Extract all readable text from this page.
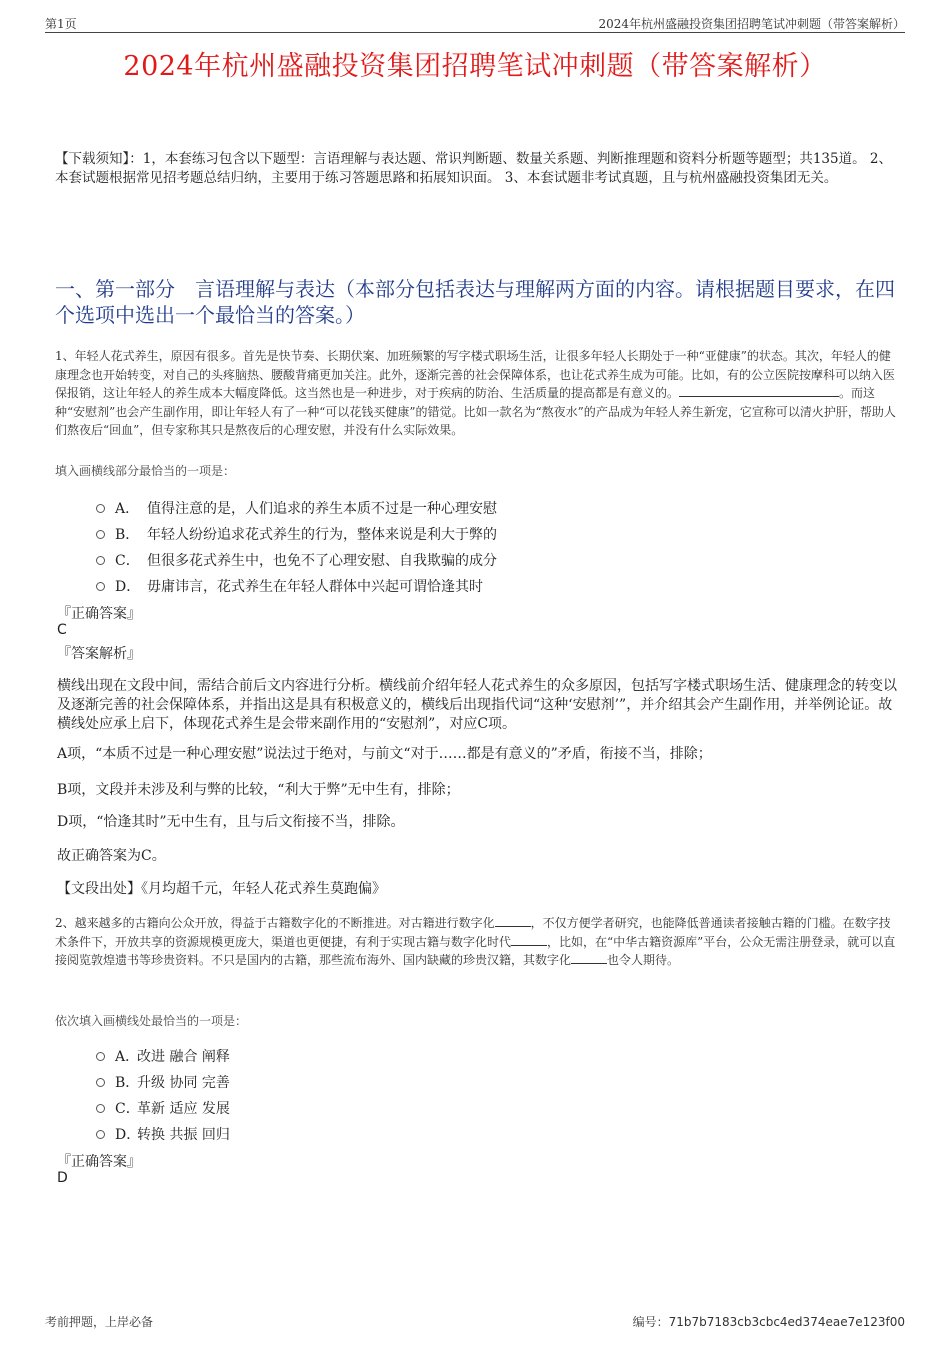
第1页	2024年杭州盛融投资集团招聘笔试冲刺题（带答案解析）
2024年杭州盛融投资集团招聘笔试冲刺题（带答案解析）
【下载须知】：1，本套练习包含以下题型：言语理解与表达题、常识判断题、数量关系题、判断推理题和资料分析题等题型；共135道。 2、本套试题根据常见招考题总结归纳，主要用于练习答题思路和拓展知识面。 3、本套试题非考试真题，且与杭州盛融投资集团无关。
一、第一部分　言语理解与表达（本部分包括表达与理解两方面的内容。请根据题目要求，在四个选项中选出一个最恰当的答案。）
1、年轻人花式养生，原因有很多。首先是快节奏、长期伏案、加班频繁的写字楼式职场生活，让很多年轻人长期处于一种“亚健康”的状态。其次，年轻人的健康理念也开始转变，对自己的头疼脑热、腰酸背痛更加关注。此外，逐渐完善的社会保障体系，也让花式养生成为可能。比如，有的公立医院按摩科可以纳入医保报销，这让年轻人的养生成本大幅度降低。这当然也是一种进步，对于疾病的防治、生活质量的提高都是有意义的。	。而这种“安慰剂”也会产生副作用，即让年轻人有了一种“可以花钱买健康”的错觉。比如一款名为“熬夜水”的产品成为年轻人养生新宠，它宣称可以清火护肝，帮助人们熬夜后“回血”，但专家称其只是熬夜后的心理安慰，并没有什么实际效果。
填入画横线部分最恰当的一项是：
A． 值得注意的是，人们追求的养生本质不过是一种心理安慰
B． 年轻人纷纷追求花式养生的行为，整体来说是利大于弊的
C． 但很多花式养生中，也免不了心理安慰、自我欺骗的成分
D． 毋庸讳言，花式养生在年轻人群体中兴起可谓恰逢其时
『正确答案』
C
『答案解析』
横线出现在文段中间，需结合前后文内容进行分析。横线前介绍年轻人花式养生的众多原因，包括写字楼式职场生活、健康理念的转变以及逐渐完善的社会保障体系，并指出这是具有积极意义的，横线后出现指代词“这种‘安慰剂’”，并介绍其会产生副作用，并举例论证。故横线处应承上启下，体现花式养生是会带来副作用的“安慰剂”，对应C项。
A项，“本质不过是一种心理安慰”说法过于绝对，与前文“对于……都是有意义的”矛盾，衔接不当，排除；
B项，文段并未涉及利与弊的比较，“利大于弊”无中生有，排除；
D项，“恰逢其时”无中生有，且与后文衔接不当，排除。
故正确答案为C。
【文段出处】《月均超千元，年轻人花式养生莫跑偏》
2、越来越多的古籍向公众开放，得益于古籍数字化的不断推进。对古籍进行数字化	，不仅方便学者研究，也能降低普通读者接触古籍的门槛。在数字技术条件下，开放共享的资源规模更庞大，渠道也更便捷，有利于实现古籍与数字化时代	，比如，在“中华古籍资源库”平台，公众无需注册登录，就可以直接阅览敦煌遗书等珍贵资料。不只是国内的古籍，那些流布海外、国内缺藏的珍贵汉籍，其数字化	也令人期待。
依次填入画横线处最恰当的一项是：
A．改进 融合 阐释
B．升级 协同 完善
C．革新 适应 发展
D．转换 共振 回归
『正确答案』
D
考前押题，上岸必备	编号：71b7b7183cb3cbc4ed374eae7e123f00
